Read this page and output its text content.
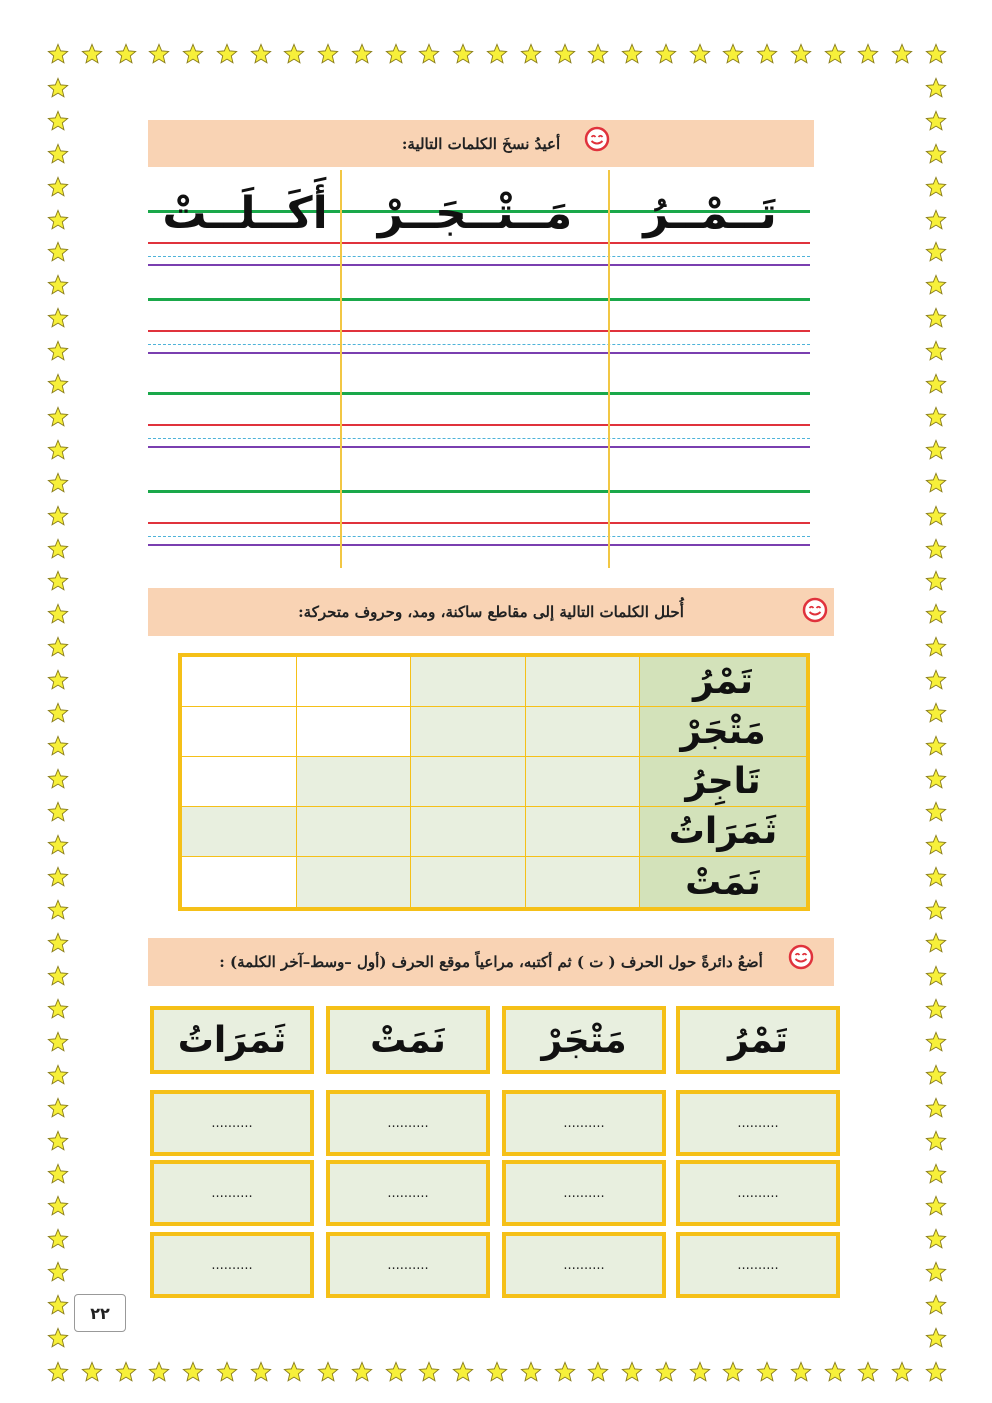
أعيدُ نسخَ الكلمات التالية:
تَــمْــرُ
مَــتْــجَــرْ
أَكَــلَــتْ
أُحلل الكلمات التالية إلى مقاطع ساكنة، ومد، وحروف متحركة:
تَمْرُ
مَتْجَرْ
تَاجِرُ
ثَمَرَاتُ
نَمَتْ
أضعُ دائرةً حول الحرف ( ت ) ثم أكتبه، مراعياً موقع الحرف (أول –وسط–آخر الكلمة) :
تَمْرُ
..........
..........
..........
مَتْجَرْ
..........
..........
..........
نَمَتْ
..........
..........
..........
ثَمَرَاتُ
..........
..........
..........
٢٢
